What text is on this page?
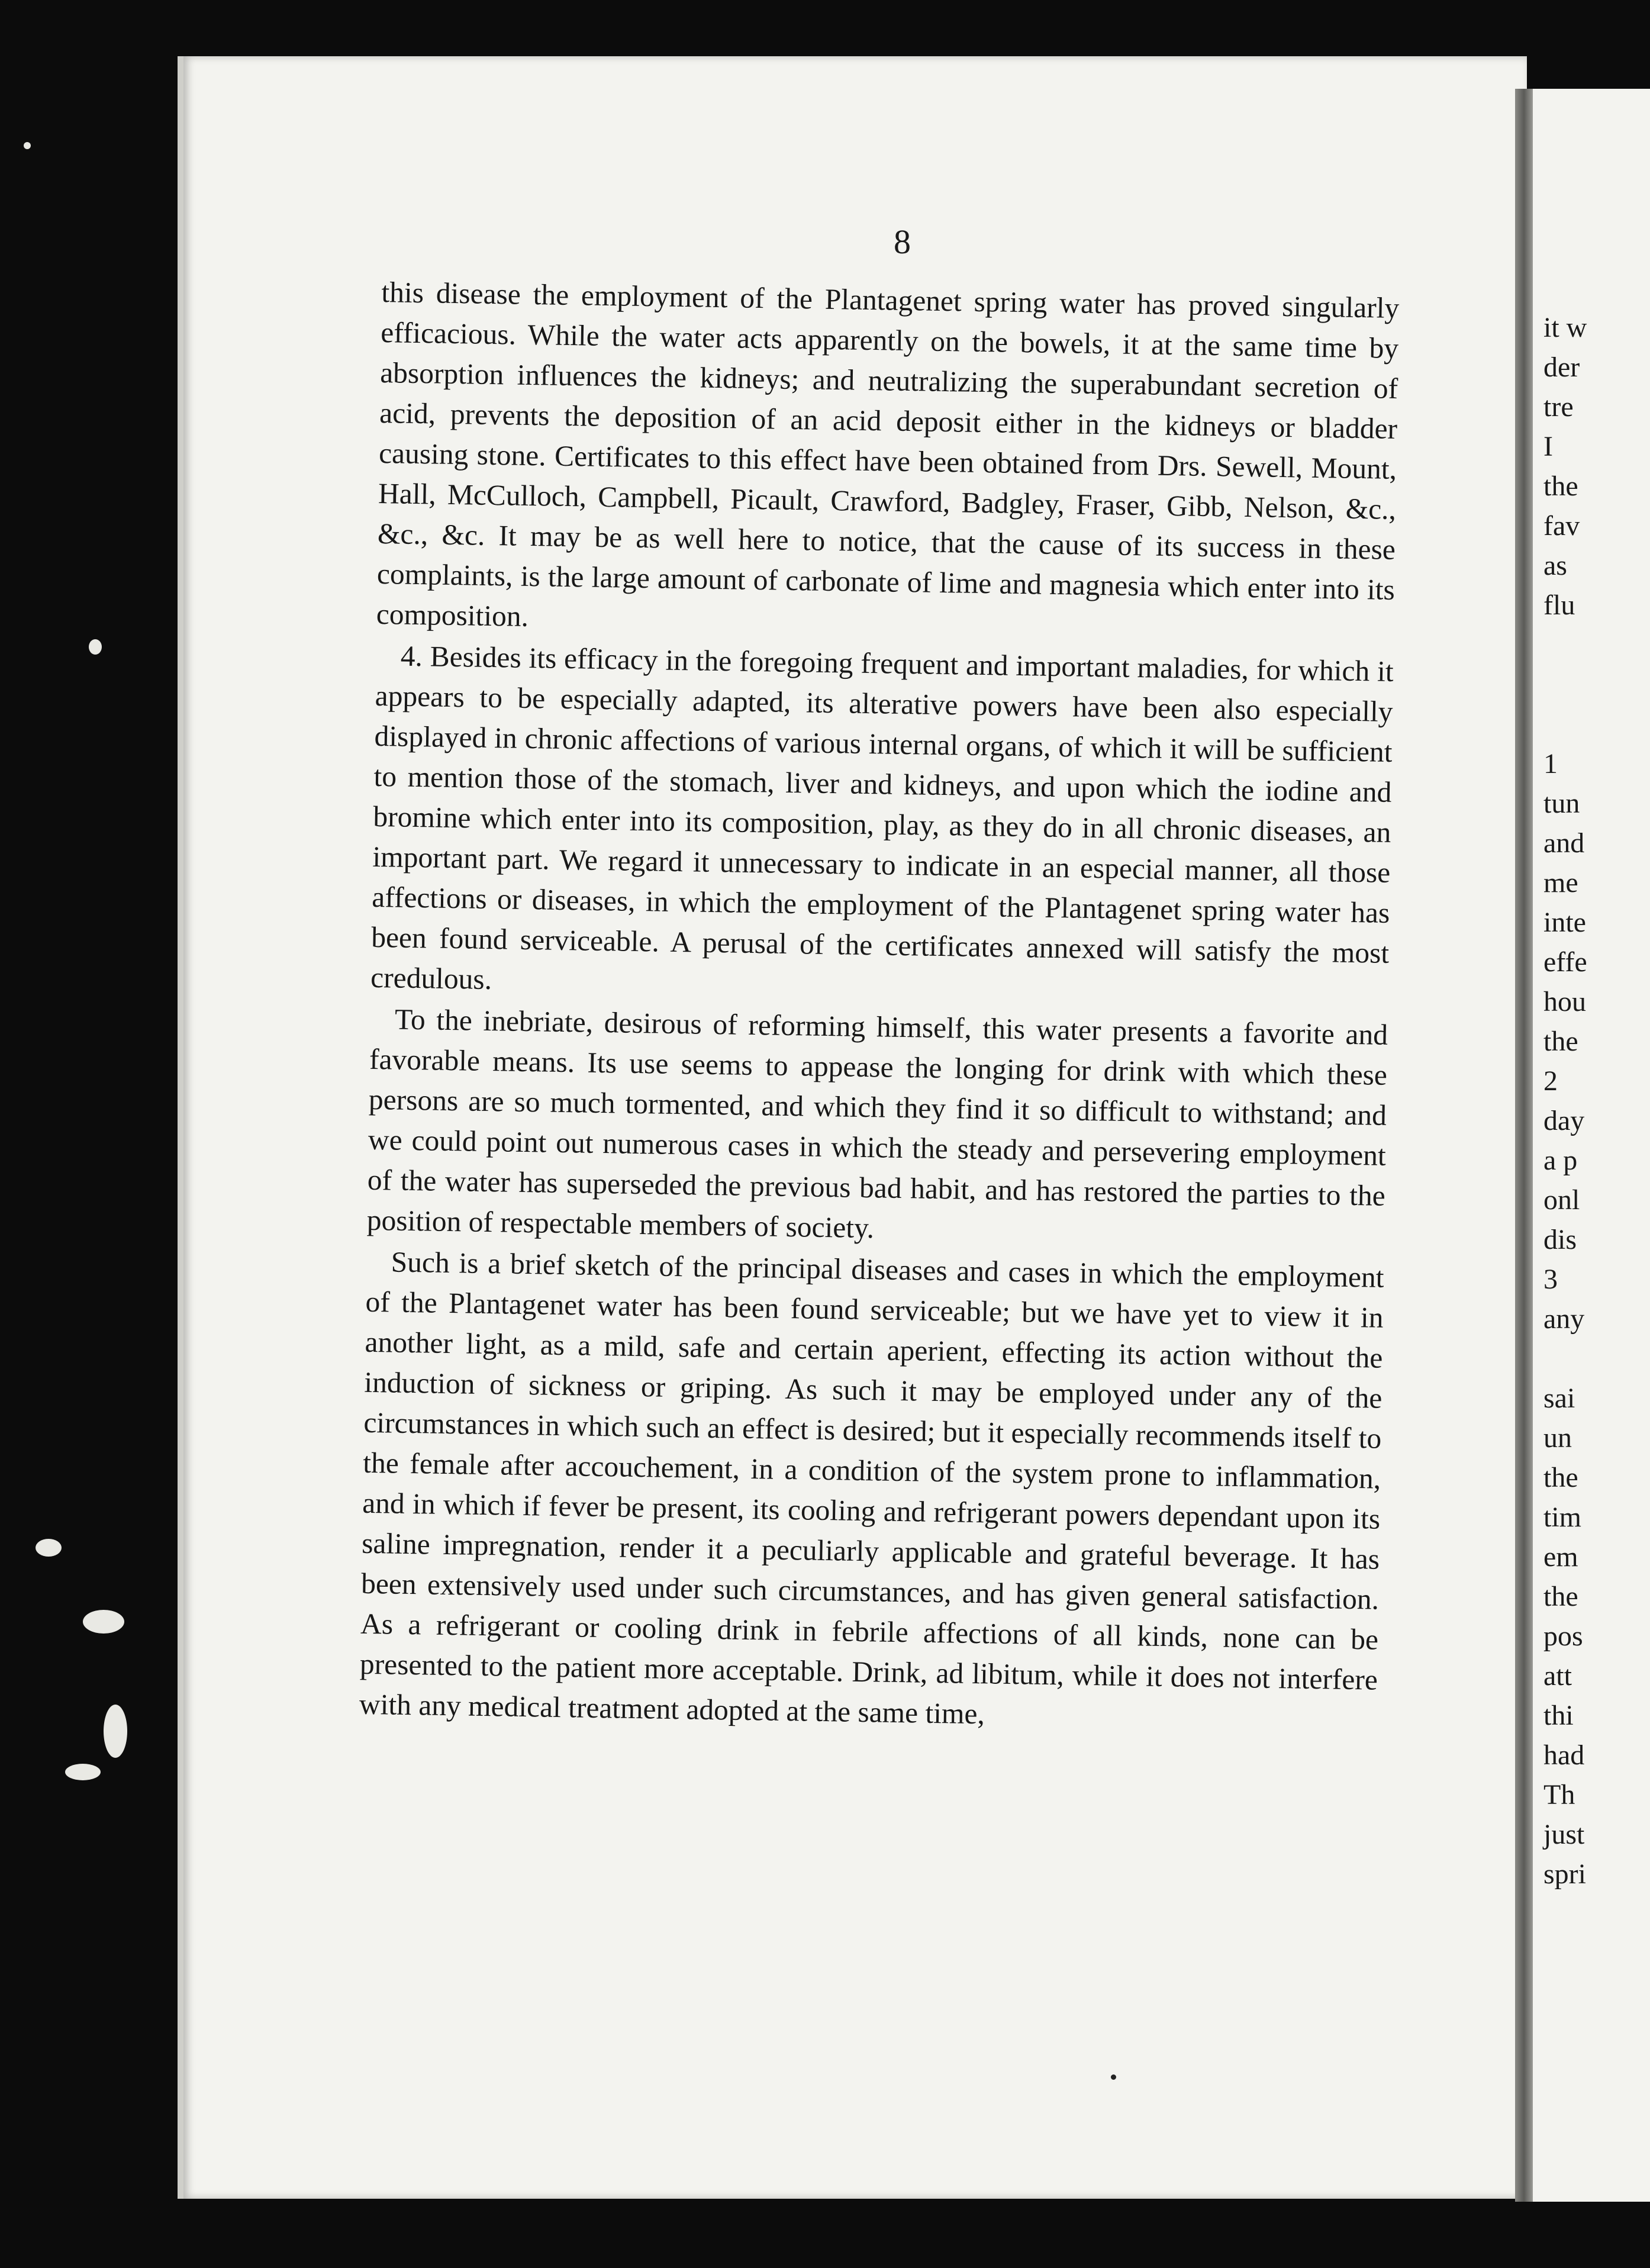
8

this disease the employment of the Plantagenet spring water has proved singularly efficacious. While the water acts apparently on the bowels, it at the same time by absorption influences the kidneys; and neutralizing the superabundant secretion of acid, prevents the deposition of an acid deposit either in the kidneys or bladder causing stone. Certificates to this effect have been obtained from Drs. Sewell, Mount, Hall, McCulloch, Campbell, Picault, Crawford, Badgley, Fraser, Gibb, Nelson, &c., &c., &c. It may be as well here to notice, that the cause of its success in these complaints, is the large amount of carbonate of lime and magnesia which enter into its composition.

4. Besides its efficacy in the foregoing frequent and important maladies, for which it appears to be especially adapted, its alterative powers have been also especially displayed in chronic affections of various internal organs, of which it will be sufficient to mention those of the stomach, liver and kidneys, and upon which the iodine and bromine which enter into its composition, play, as they do in all chronic diseases, an important part. We regard it unnecessary to indicate in an especial manner, all those affections or diseases, in which the employment of the Plantagenet spring water has been found serviceable. A perusal of the certificates annexed will satisfy the most credulous.

To the inebriate, desirous of reforming himself, this water presents a favorite and favorable means. Its use seems to appease the longing for drink with which these persons are so much tormented, and which they find it so difficult to withstand; and we could point out numerous cases in which the steady and persevering employment of the water has superseded the previous bad habit, and has restored the parties to the position of respectable members of society.

Such is a brief sketch of the principal diseases and cases in which the employment of the Plantagenet water has been found serviceable; but we have yet to view it in another light, as a mild, safe and certain aperient, effecting its action without the induction of sickness or griping. As such it may be employed under any of the circumstances in which such an effect is desired; but it especially recommends itself to the female after accouchement, in a condition of the system prone to inflammation, and in which if fever be present, its cooling and refrigerant powers dependant upon its saline impregnation, render it a peculiarly applicable and grateful beverage. It has been extensively used under such circumstances, and has given general satisfaction. As a refrigerant or cooling drink in febrile affections of all kinds, none can be presented to the patient more acceptable. Drink, ad libitum, while it does not interfere with any medical treatment adopted at the same time,

it w
der
tre
I
the
fav
as
flu

1
tun
and
me
inte
effe
hou
the
2
day
a p
onl
dis
3
any

sai
un
the
tim
em
the
pos
att
thi
had
Th
just
spri
